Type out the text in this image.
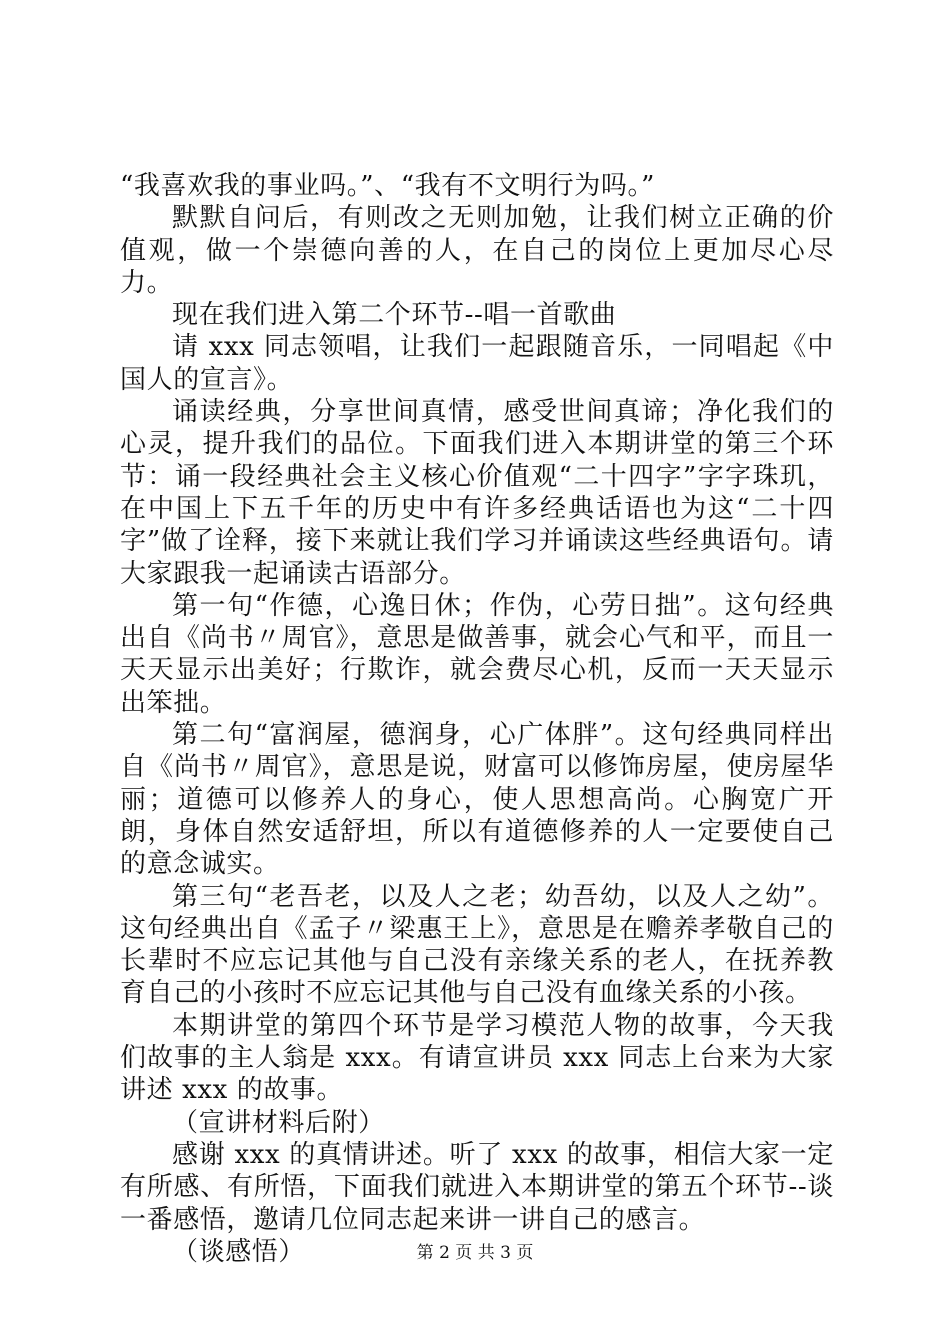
“我喜欢我的事业吗。”、“我有不文明行为吗。”

默默自问后，有则改之无则加勉，让我们树立正确的价值观，做一个崇德向善的人，在自己的岗位上更加尽心尽力。

现在我们进入第二个环节--唱一首歌曲

请 xxx 同志领唱，让我们一起跟随音乐，一同唱起《中国人的宣言》。

诵读经典，分享世间真情，感受世间真谛；净化我们的心灵，提升我们的品位。下面我们进入本期讲堂的第三个环节：诵一段经典社会主义核心价值观“二十四字”字字珠玑，在中国上下五千年的历史中有许多经典话语也为这“二十四字”做了诠释，接下来就让我们学习并诵读这些经典语句。请大家跟我一起诵读古语部分。

第一句“作德，心逸日休；作伪，心劳日拙”。这句经典出自《尚书〃周官》，意思是做善事，就会心气和平，而且一天天显示出美好；行欺诈，就会费尽心机，反而一天天显示出笨拙。

第二句“富润屋，德润身，心广体胖”。这句经典同样出自《尚书〃周官》，意思是说，财富可以修饰房屋，使房屋华丽；道德可以修养人的身心，使人思想高尚。心胸宽广开朗，身体自然安适舒坦，所以有道德修养的人一定要使自己的意念诚实。

第三句“老吾老，以及人之老；幼吾幼，以及人之幼”。这句经典出自《孟子〃梁惠王上》，意思是在赡养孝敬自己的长辈时不应忘记其他与自己没有亲缘关系的老人，在抚养教育自己的小孩时不应忘记其他与自己没有血缘关系的小孩。

本期讲堂的第四个环节是学习模范人物的故事，今天我们故事的主人翁是 xxx。有请宣讲员 xxx 同志上台来为大家讲述 xxx 的故事。

（宣讲材料后附）

感谢 xxx 的真情讲述。听了 xxx 的故事，相信大家一定有所感、有所悟，下面我们就进入本期讲堂的第五个环节--谈一番感悟，邀请几位同志起来讲一讲自己的感言。

（谈感悟）	第 2 页 共 3 页
